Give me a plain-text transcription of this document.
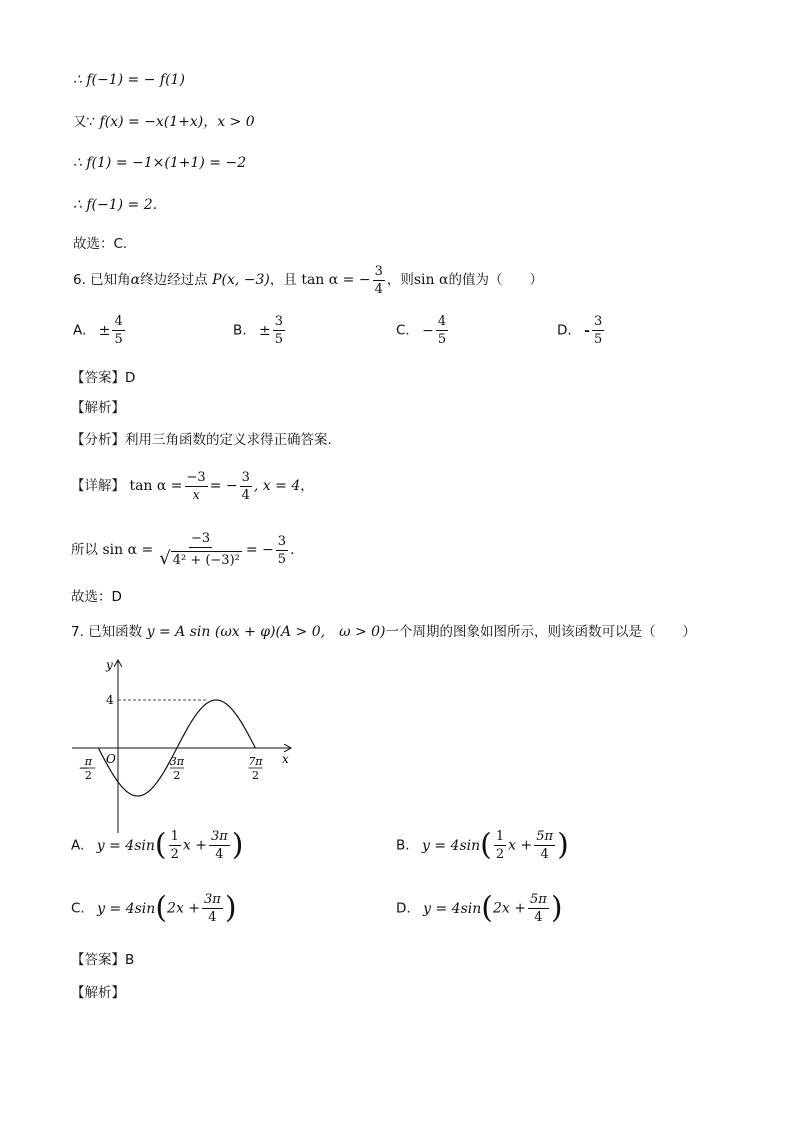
∴ f(−1) = − f(1)
又∵ f(x) = −x(1+x)，x > 0
∴ f(1) = −1×(1+1) = −2
∴ f(−1) = 2.
故选：C.
6. 已知角α终边经过点 P(x, −3)，且 tan α = − $\frac{3}{4}$ ，则sin α的值为（　　）
A. ± $\frac{4}{5}$	B. ± $\frac{3}{5}$	C. − $\frac{4}{5}$	D. - $\frac{3}{5}$
【答案】D
【解析】
【分析】利用三角函数的定义求得正确答案.
【详解】 $\tan \alpha = \frac{-3}{x}$ = − $\frac{3}{4}$ , x = 4，
所以 $\sin \alpha = \frac{-3}{\text{√ 4² + (−3)²}}$ = − $\frac{3}{5}$ .
故选：D
7. 已知函数 y = A sin (ωx + φ)(A > 0,　ω > 0)一个周期的图象如图所示，则该函数可以是（　　）
x
y
O
4
−
π
2
3π
2
7π
2
A. $y = 4\sin( \frac{1}{2}$ $x + \frac{3\pi}{4}$ )	B. $y = 4\sin( \frac{1}{2}$ $x + \frac{5\pi}{4}$ )
C. $y = 4\sin(2x + \frac{3\pi}{4}$ )	D. $y = 4\sin(2x + \frac{5\pi}{4}$ )
【答案】B
【解析】
